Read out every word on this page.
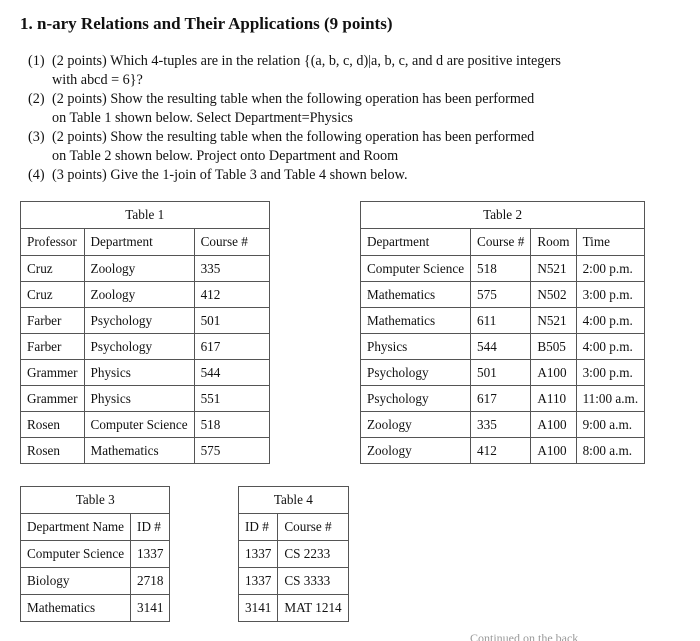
1. n-ary Relations and Their Applications (9 points)
(1) (2 points) Which 4-tuples are in the relation {(a, b, c, d)|a, b, c, and d are positive integers
with abcd = 6}?
(2) (2 points) Show the resulting table when the following operation has been performed
on Table 1 shown below. Select Department=Physics
(3) (2 points) Show the resulting table when the following operation has been performed
on Table 2 shown below. Project onto Department and Room
(4) (3 points) Give the 1-join of Table 3 and Table 4 shown below.
Table 1		
Professor	Department	Course #
Cruz	Zoology	335
Cruz	Zoology	412
Farber	Psychology	501
Farber	Psychology	617
Grammer	Physics	544
Grammer	Physics	551
Rosen	Computer Science	518
Rosen	Mathematics	575
Table 2			
Department	Course #	Room	Time
Computer Science	518	N521	2:00 p.m.
Mathematics	575	N502	3:00 p.m.
Mathematics	611	N521	4:00 p.m.
Physics	544	B505	4:00 p.m.
Psychology	501	A100	3:00 p.m.
Psychology	617	A110	11:00 a.m.
Zoology	335	A100	9:00 a.m.
Zoology	412	A100	8:00 a.m.
Table 3	
Department Name	ID #
Computer Science	1337
Biology	2718
Mathematics	3141
Table 4	
ID #	Course #
1337	CS 2233
1337	CS 3333
3141	MAT 1214
Continued on the back
